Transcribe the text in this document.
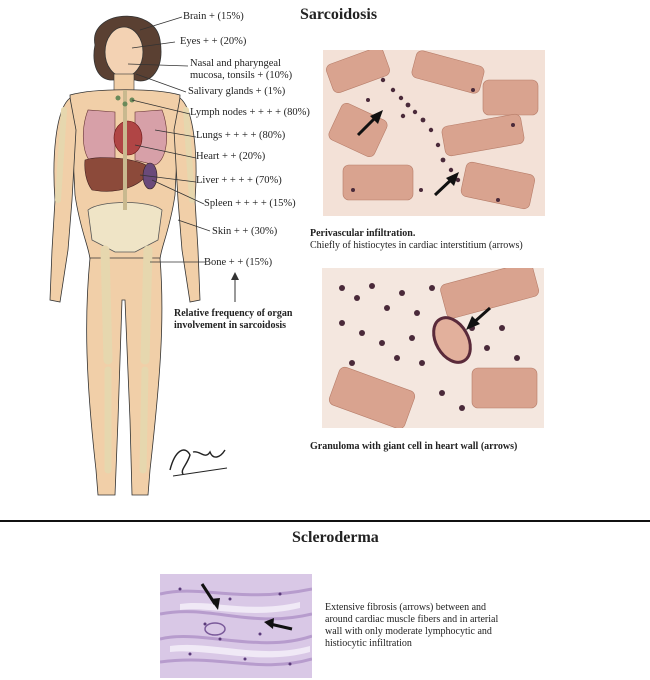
Sarcoidosis
Scleroderma
Brain + (15%)
Eyes + + (20%)
Nasal and pharyngeal
mucosa, tonsils + (10%)
Salivary glands + (1%)
Lymph nodes + + + + (80%)
Lungs + + + + (80%)
Heart + + (20%)
Liver + + + + (70%)
Spleen + + + + (15%)
Skin + + (30%)
Bone + + (15%)
Relative frequency of organ
involvement in sarcoidosis
Perivascular infiltration.
Chiefly of histiocytes in cardiac interstitium (arrows)
Granuloma with giant cell in heart wall (arrows)
Extensive fibrosis (arrows) between and
around cardiac muscle fibers and in arterial
wall with only moderate lymphocytic and
histiocytic infiltration
